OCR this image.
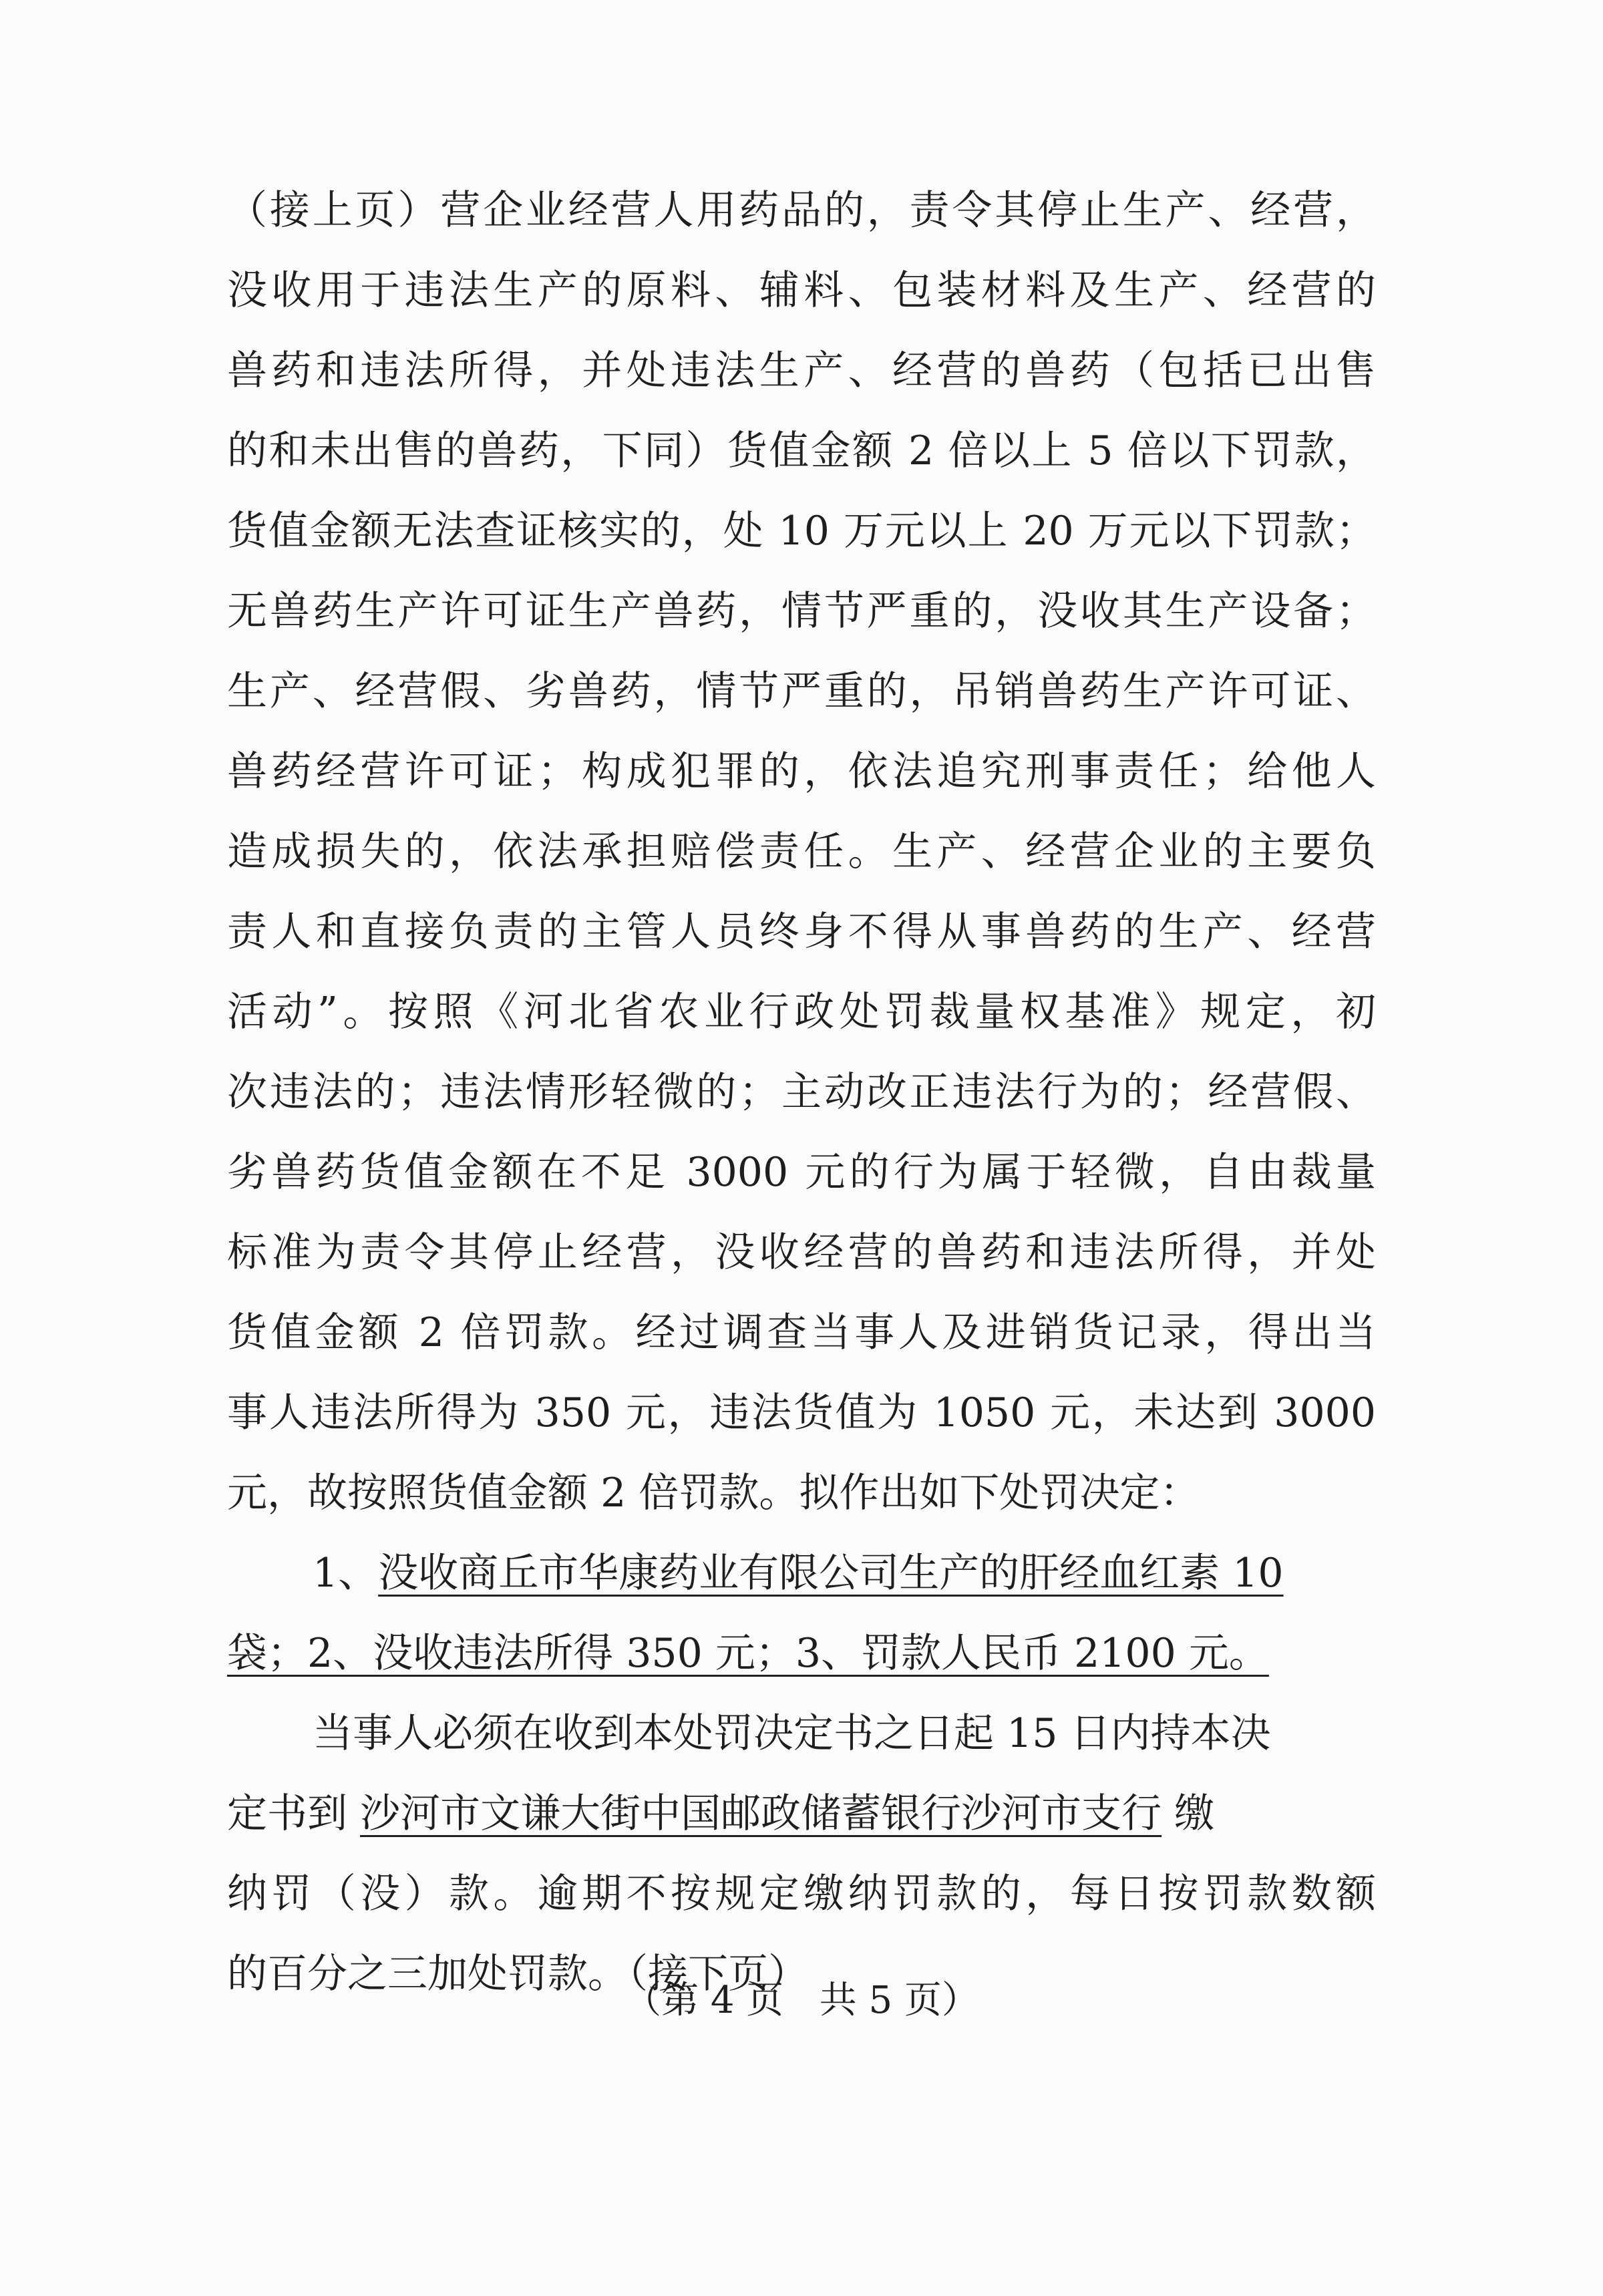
（接上页）营企业经营人用药品的，责令其停止生产、经营，
没收用于违法生产的原料、辅料、包装材料及生产、经营的
兽药和违法所得，并处违法生产、经营的兽药（包括已出售
的和未出售的兽药，下同）货值金额 2 倍以上 5 倍以下罚款，
货值金额无法查证核实的，处 10 万元以上 20 万元以下罚款；
无兽药生产许可证生产兽药，情节严重的，没收其生产设备；
生产、经营假、劣兽药，情节严重的，吊销兽药生产许可证、
兽药经营许可证；构成犯罪的，依法追究刑事责任；给他人
造成损失的，依法承担赔偿责任。生产、经营企业的主要负
责人和直接负责的主管人员终身不得从事兽药的生产、经营
活动”。按照《河北省农业行政处罚裁量权基准》规定，初
次违法的；违法情形轻微的；主动改正违法行为的；经营假、
劣兽药货值金额在不足 3000 元的行为属于轻微，自由裁量
标准为责令其停止经营，没收经营的兽药和违法所得，并处
货值金额 2 倍罚款。经过调查当事人及进销货记录，得出当
事人违法所得为 350 元，违法货值为 1050 元，未达到 3000
元，故按照货值金额 2 倍罚款。拟作出如下处罚决定：
1、没收商丘市华康药业有限公司生产的肝经血红素 10
袋；2、没收违法所得 350 元；3、罚款人民币 2100 元。
当事人必须在收到本处罚决定书之日起 15 日内持本决
定书到 沙河市文谦大街中国邮政储蓄银行沙河市支行 缴
纳罚（没）款。逾期不按规定缴纳罚款的，每日按罚款数额
的百分之三加处罚款。（接下页）
（第 4 页   共 5 页）
